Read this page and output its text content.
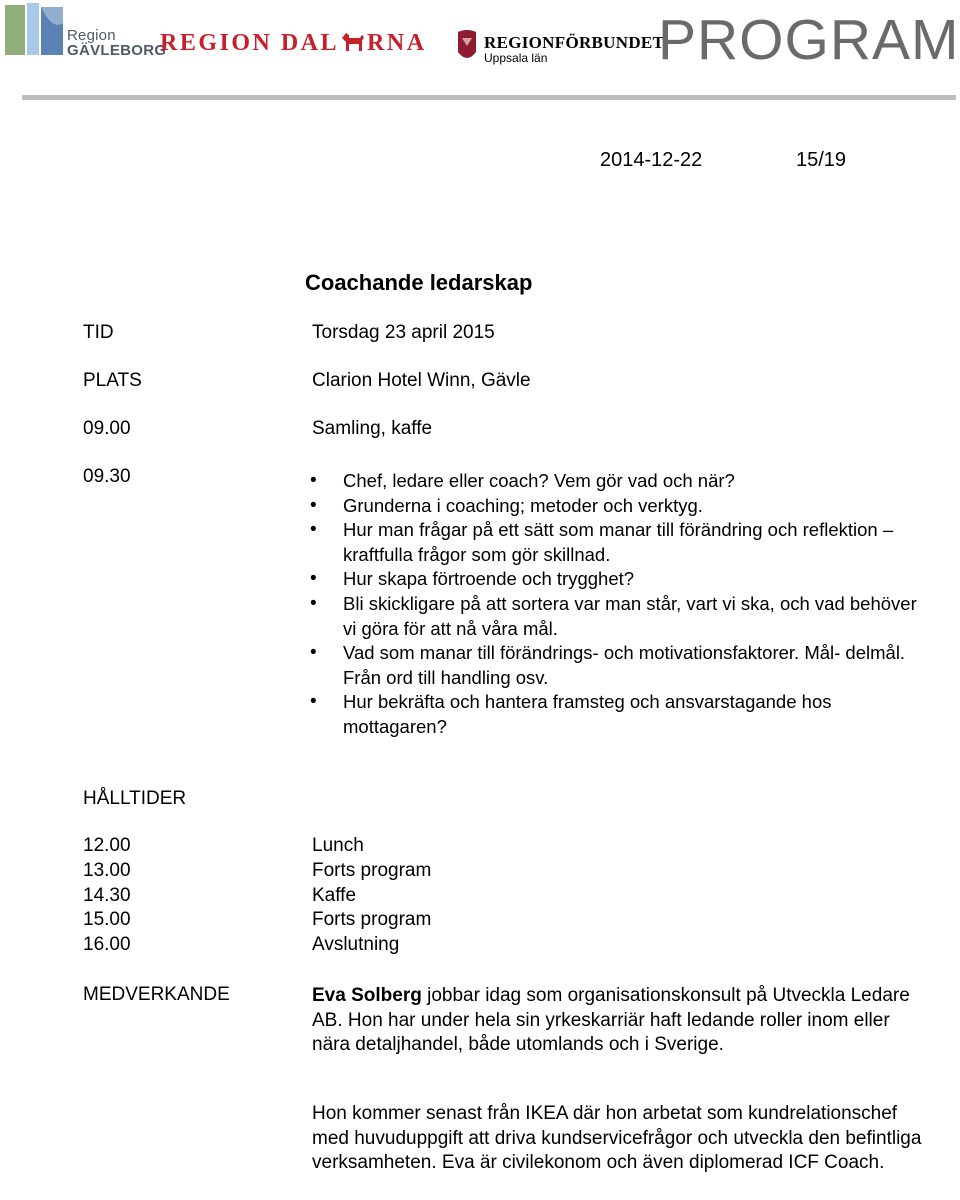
Region
GÄVLEBORG
REGION DAL RNA	REGIONFÖRBUNDET
Uppsala län PROGRAM
2014-12-22	15/19
Coachande ledarskap
TID	Torsdag 23 april 2015
PLATS	Clarion Hotel Winn, Gävle
09.00	Samling, kaffe
09.30
•	Chef, ledare eller coach? Vem gör vad och när?
• Grunderna i coaching; metoder och verktyg.
• Hur man frågar på ett sätt som manar till förändring och reflektion – kraftfulla frågor som gör skillnad.
• Hur skapa förtroende och trygghet?
• Bli skickligare på att sortera var man står, vart vi ska, och vad behöver vi göra för att nå våra mål.
• Vad som manar till förändrings- och motivationsfaktorer. Mål- delmål. Från ord till handling osv.
• Hur bekräfta och hantera framsteg och ansvarstagande hos mottagaren?
HÅLLTIDER
12.00	Lunch
13.00	Forts program
14.30	Kaffe
15.00	Forts program
16.00	Avslutning
MEDVERKANDE	Eva Solberg jobbar idag som organisationskonsult på Utveckla Ledare AB. Hon har under hela sin yrkeskarriär haft ledande roller inom eller nära detaljhandel, både utomlands och i Sverige.
Hon kommer senast från IKEA där hon arbetat som kundrelationschef med huvuduppgift att driva kundservicefrågor och utveckla den befintliga verksamheten. Eva är civilekonom och även diplomerad ICF Coach.
